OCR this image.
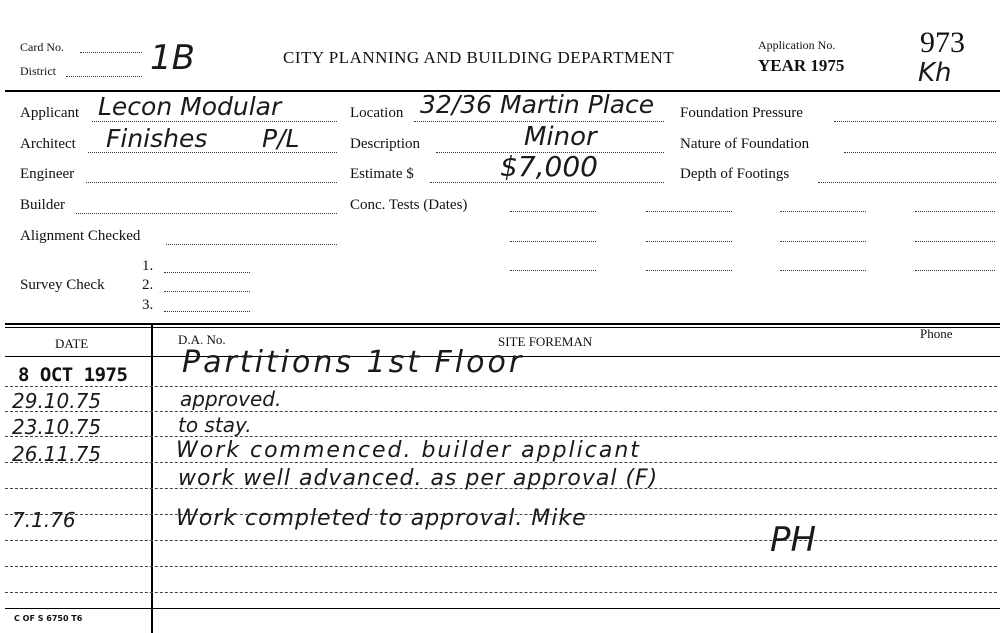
Card No.
District	1B	CITY PLANNING AND BUILDING DEPARTMENT
Application No.
YEAR 1975
973
Kh
Applicant Lecon Modular
Architect Finishes P/L
Engineer
Builder
Alignment Checked
Survey Check
1.
2.
3.
Location 32/36 Martin Place
Description	Minor
Estimate $	$7,000
Conc. Tests (Dates)
Foundation Pressure
Nature of Foundation
Depth of Footings
DATE	D.A. No.	SITE FOREMAN
Phone
8 OCT 1975 Partitions 1st Floor
29.10.75	approved.
23.10.75	to stay.
26.11.75	Work commenced. builder applicant
work well advanced. as per approval (F)
7.1.76	Work completed to approval. Mike
PH
C OF S 6750 T6
